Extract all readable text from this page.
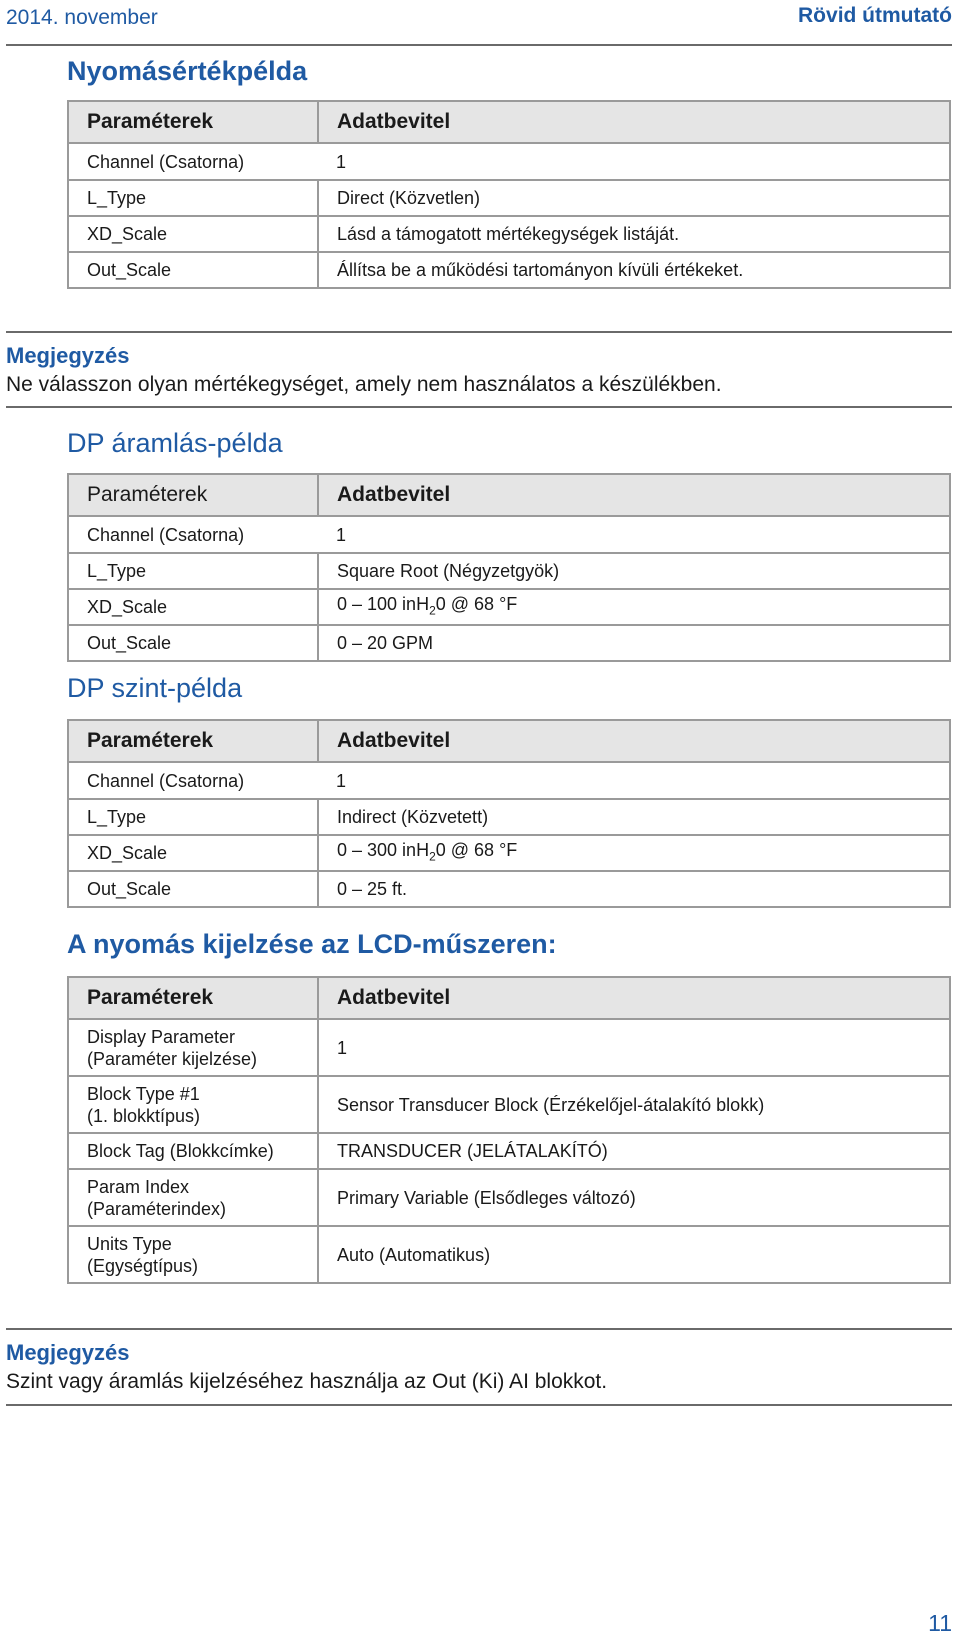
2014. november	Rövid útmutató
Nyomásértékpélda
Paraméterek	Adatbevitel
Channel (Csatorna)	1
L_Type	Direct (Közvetlen)
XD_Scale	Lásd a támogatott mértékegységek listáját.
Out_Scale	Állítsa be a működési tartományon kívüli értékeket.
Megjegyzés
Ne válasszon olyan mértékegységet, amely nem használatos a készülékben.
DP áramlás-példa
Paraméterek	Adatbevitel
Channel (Csatorna)	1
L_Type	Square Root (Négyzetgyök)
XD_Scale	0 – 100 inH$_2$0 @ 68 °F
Out_Scale	0 – 20 GPM
DP szint-példa
Paraméterek	Adatbevitel
Channel (Csatorna)	1
L_Type	Indirect (Közvetett)
XD_Scale	0 – 300 inH$_2$0 @ 68 °F
Out_Scale	0 – 25 ft.
A nyomás kijelzése az LCD-műszeren:
Paraméterek	Adatbevitel

Display Parameter
(Paraméter kijelzése)	1

Block Type #1
(1. blokktípus)	Sensor Transducer Block (Érzékelőjel-átalakító blokk)
Block Tag (Blokkcímke)	TRANSDUCER (JELÁTALAKÍTÓ)

Param Index
(Paraméterindex)	Primary Variable (Elsődleges változó)

Units Type
(Egységtípus)	Auto (Automatikus)
Megjegyzés
Szint vagy áramlás kijelzéséhez használja az Out (Ki) AI blokkot.
11
